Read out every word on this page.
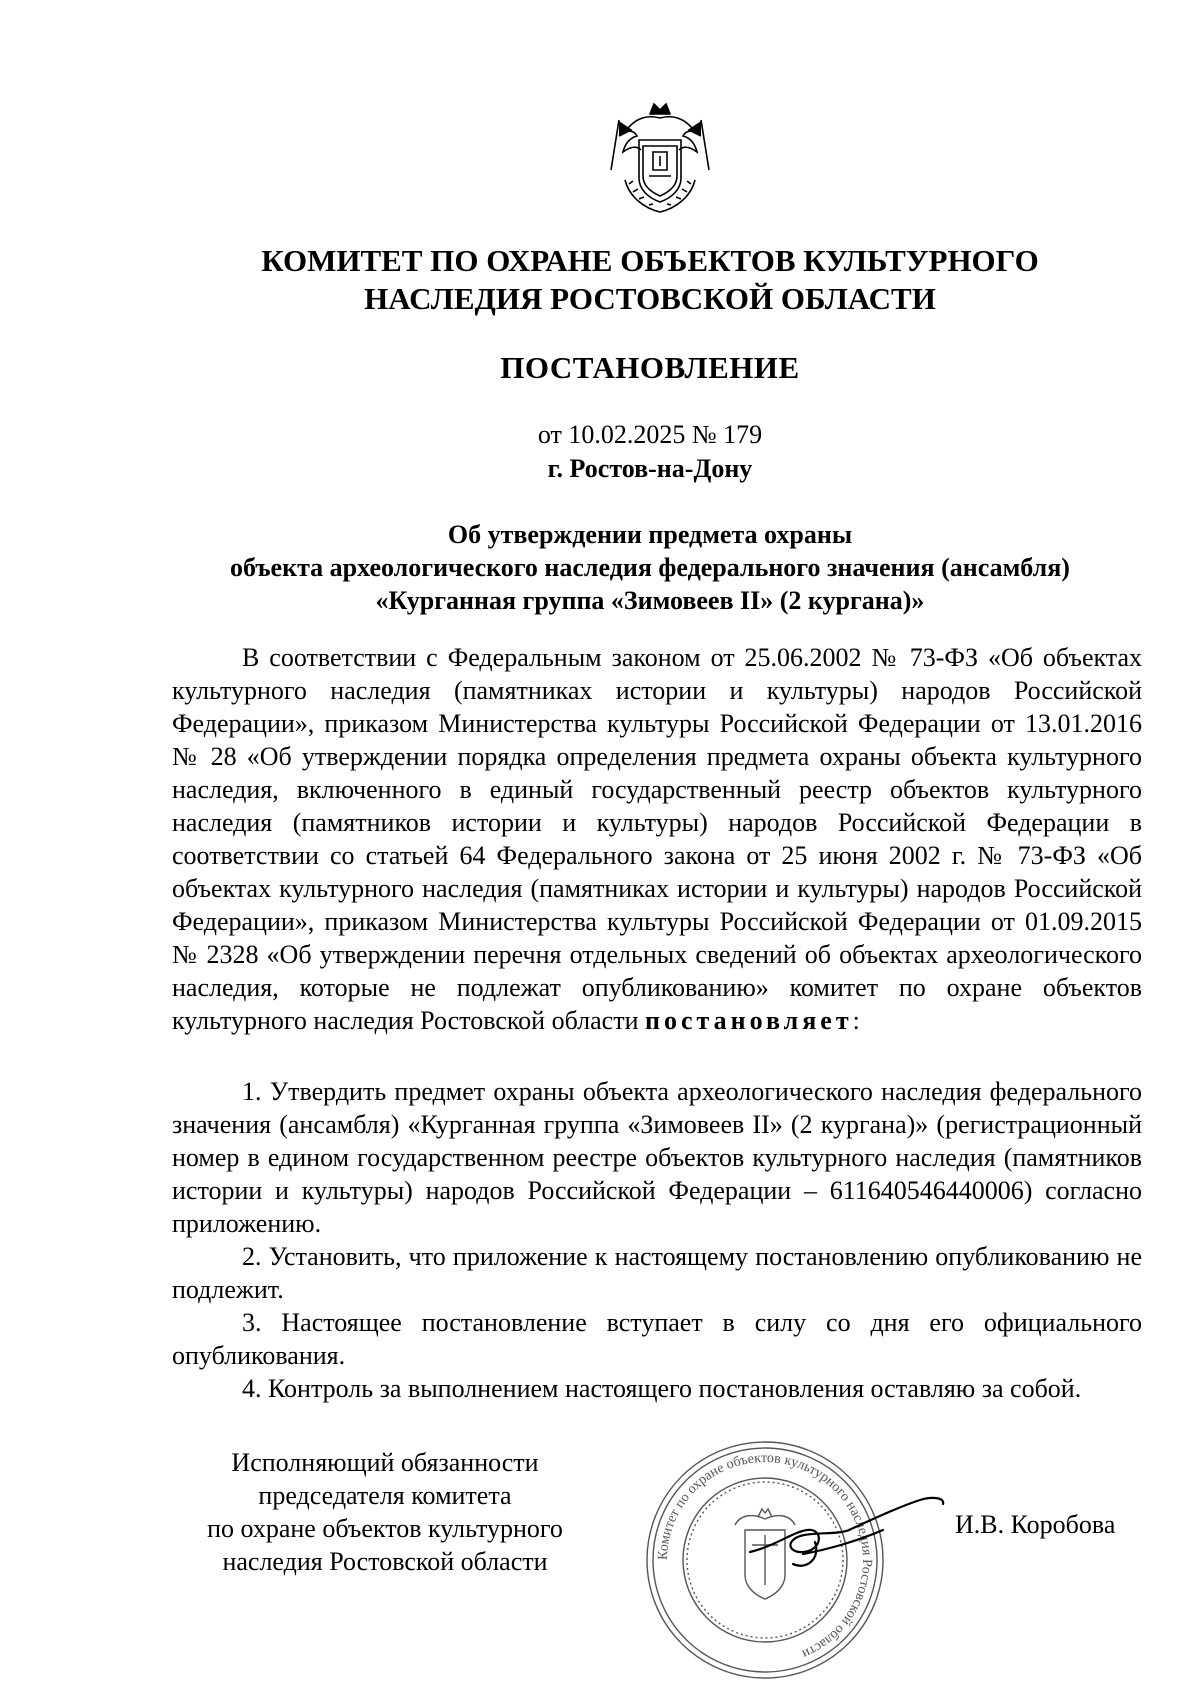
КОМИТЕТ ПО ОХРАНЕ ОБЪЕКТОВ КУЛЬТУРНОГО
НАСЛЕДИЯ РОСТОВСКОЙ ОБЛАСТИ
ПОСТАНОВЛЕНИЕ
от 10.02.2025 № 179
г. Ростов-на-Дону
Об утверждении предмета охраны
объекта археологического наследия федерального значения (ансамбля)
«Курганная группа «Зимовеев II» (2 кургана)»

В соответствии с Федеральным законом от 25.06.2002 № 73-ФЗ «Об объектах культурного наследия (памятниках истории и культуры) народов Российской Федерации», приказом Министерства культуры Российской Федерации от 13.01.2016 № 28 «Об утверждении порядка определения предмета охраны объекта культурного наследия, включенного в единый государственный реестр объектов культурного наследия (памятников истории и культуры) народов Российской Федерации в соответствии со статьей 64 Федерального закона от 25 июня 2002 г. № 73-ФЗ «Об объектах культурного наследия (памятниках истории и культуры) народов Российской Федерации», приказом Министерства культуры Российской Федерации от 01.09.2015 № 2328 «Об утверждении перечня отдельных сведений об объектах археологического наследия, которые не подлежат опубликованию» комитет по охране объектов культурного наследия Ростовской области постановляет:

1. Утвердить предмет охраны объекта археологического наследия федерального значения (ансамбля) «Курганная группа «Зимовеев II» (2 кургана)» (регистрационный номер в едином государственном реестре объектов культурного наследия (памятников истории и культуры) народов Российской Федерации – 611640546440006) согласно приложению.

2. Установить, что приложение к настоящему постановлению опубликованию не подлежит.

3. Настоящее постановление вступает в силу со дня его официального опубликования.

4. Контроль за выполнением настоящего постановления оставляю за собой.

Исполняющий обязанности
председателя комитета
по охране объектов культурного
наследия Ростовской области	Комитет по охране объектов культурного наследия Ростовской области
И.В. Коробова
